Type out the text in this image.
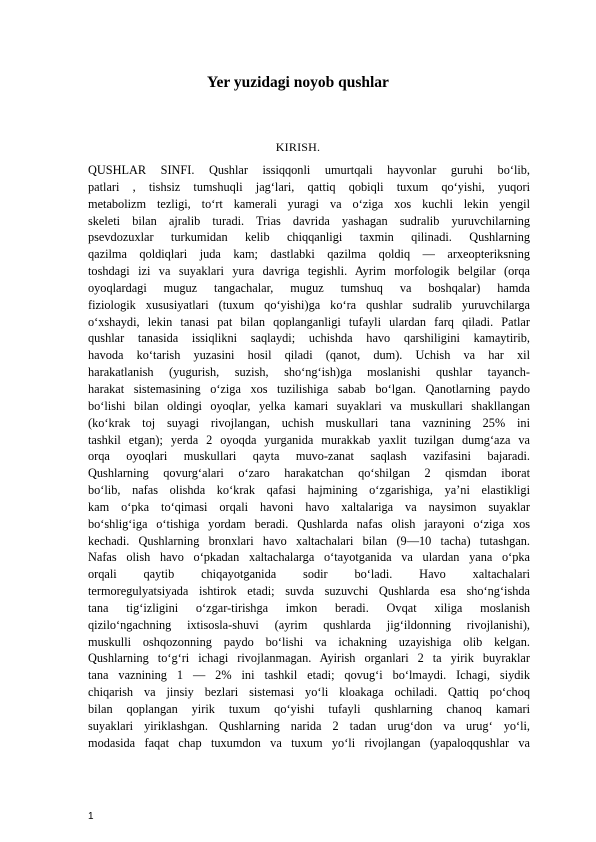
Yer yuzidagi noyob qushlar
KIRISH.
QUSHLAR SINFI. Qushlar issiqqonli umurtqali hayvonlar guruhi bo‘lib,
patlari , tishsiz tumshuqli jag‘lari, qattiq qobiqli tuxum qo‘yishi, yuqori
metabolizm tezligi, to‘rt kamerali yuragi va o‘ziga xos kuchli lekin yengil
skeleti bilan ajralib turadi. Trias davrida yashagan sudralib yuruvchilarning
psevdozuxlar turkumidan kelib chiqqanligi taxmin qilinadi. Qushlarning
qazilma qoldiqlari juda kam; dastlabki qazilma qoldiq — arxeopteriksning
toshdagi izi va suyaklari yura davriga tegishli. Ayrim morfologik belgilar (orqa
oyoqlardagi muguz tangachalar, muguz tumshuq va boshqalar) hamda
fiziologik xususiyatlari (tuxum qo‘yishi)ga ko‘ra qushlar sudralib yuruvchilarga
o‘xshaydi, lekin tanasi pat bilan qoplanganligi tufayli ulardan farq qiladi. Patlar
qushlar tanasida issiqlikni saqlaydi; uchishda havo qarshiligini kamaytirib,
havoda ko‘tarish yuzasini hosil qiladi (qanot, dum). Uchish va har xil
harakatlanish (yugurish, suzish, sho‘ng‘ish)ga moslanishi qushlar tayanch-
harakat sistemasining o‘ziga xos tuzilishiga sabab bo‘lgan. Qanotlarning paydo
bo‘lishi bilan oldingi oyoqlar, yelka kamari suyaklari va muskullari shakllangan
(ko‘krak toj suyagi rivojlangan, uchish muskullari tana vaznining 25% ini
tashkil etgan); yerda 2 oyoqda yurganida murakkab yaxlit tuzilgan dumg‘aza va
orqa oyoqlari muskullari qayta muvo-zanat saqlash vazifasini bajaradi.
Qushlarning qovurg‘alari o‘zaro harakatchan qo‘shilgan 2 qismdan iborat
bo‘lib, nafas olishda ko‘krak qafasi hajmining o‘zgarishiga, ya’ni elastikligi
kam o‘pka to‘qimasi orqali havoni havo xaltalariga va naysimon suyaklar
bo‘shlig‘iga o‘tishiga yordam beradi. Qushlarda nafas olish jarayoni o‘ziga xos
kechadi. Qushlarning bronxlari havo xaltachalari bilan (9—10 tacha) tutashgan.
Nafas olish havo o‘pkadan xaltachalarga o‘tayotganida va ulardan yana o‘pka
orqali qaytib chiqayotganida sodir bo‘ladi. Havo xaltachalari
termoregulyatsiyada ishtirok etadi; suvda suzuvchi Qushlarda esa sho‘ng‘ishda
tana tig‘izligini o‘zgar-tirishga imkon beradi. Ovqat xiliga moslanish
qizilo‘ngachning ixtisosla-shuvi (ayrim qushlarda jig‘ildonning rivojlanishi),
muskulli oshqozonning paydo bo‘lishi va ichakning uzayishiga olib kelgan.
Qushlarning to‘g‘ri ichagi rivojlanmagan. Ayirish organlari 2 ta yirik buyraklar
tana vaznining 1 — 2% ini tashkil etadi; qovug‘i bo‘lmaydi. Ichagi, siydik
chiqarish va jinsiy bezlari sistemasi yo‘li kloakaga ochiladi. Qattiq po‘choq
bilan qoplangan yirik tuxum qo‘yishi tufayli qushlarning chanoq kamari
suyaklari yiriklashgan. Qushlarning narida 2 tadan urug‘don va urug‘ yo‘li,
modasida faqat chap tuxumdon va tuxum yo‘li rivojlangan (yapaloqqushlar va
1
